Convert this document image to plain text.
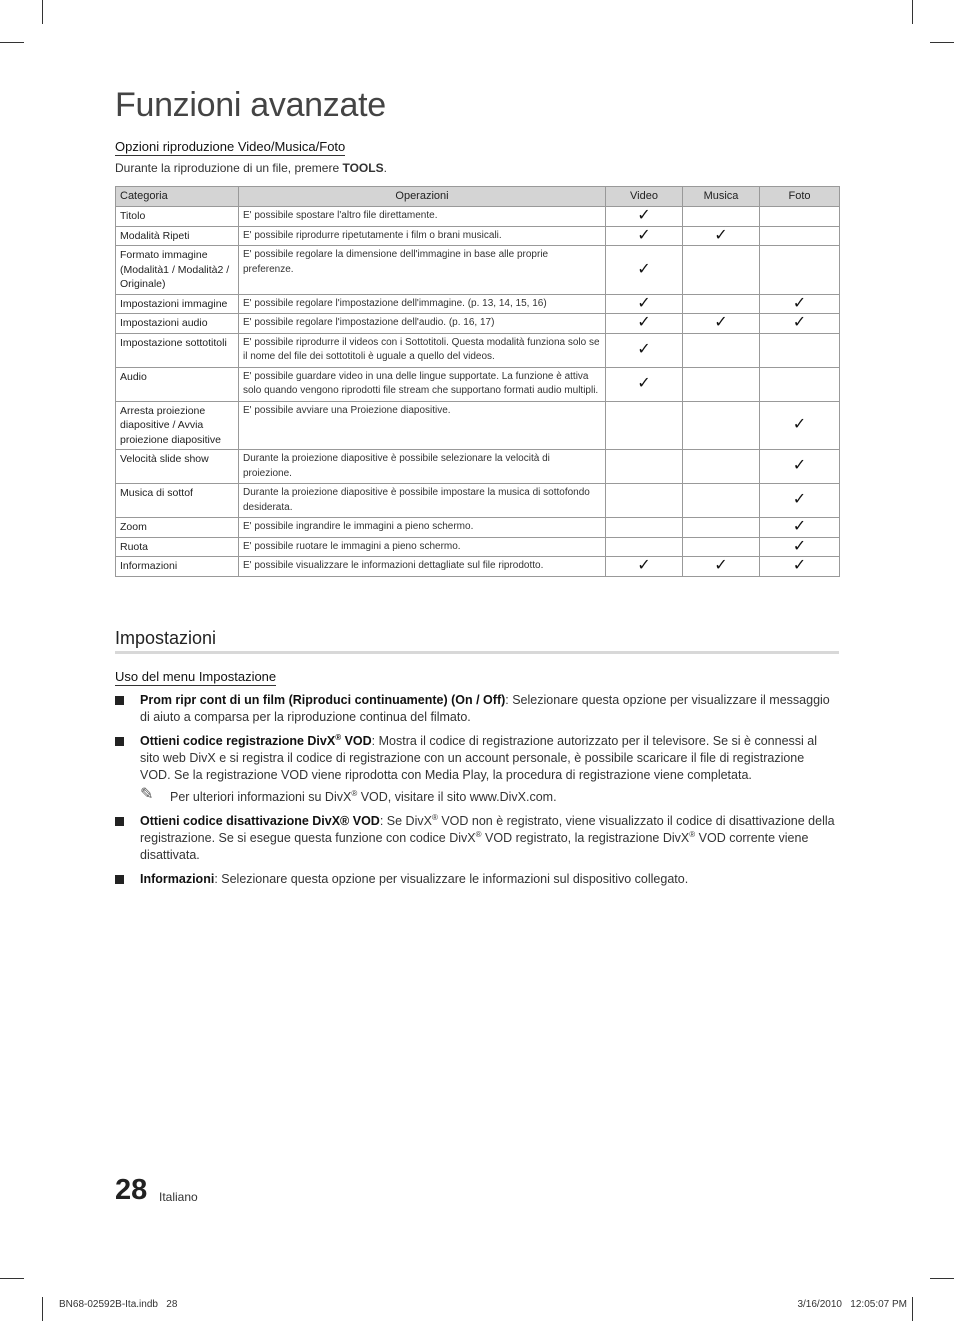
Funzioni avanzate
Opzioni riproduzione Video/Musica/Foto
Durante la riproduzione di un file, premere TOOLS.
Categoria	Operazioni	Video	Musica	Foto
Titolo	E' possibile spostare l'altro file direttamente.	✓		
Modalità Ripeti	E' possibile riprodurre ripetutamente i film o brani musicali.	✓	✓	
Formato immagine (Modalità1 / Modalità2 / Originale)	E' possibile regolare la dimensione dell'immagine in base alle proprie preferenze.	✓		
Impostazioni immagine	E' possibile regolare l'impostazione dell'immagine. (p. 13, 14, 15, 16)	✓		✓
Impostazioni audio	E' possibile regolare l'impostazione dell'audio. (p. 16, 17)	✓	✓	✓
Impostazione sottotitoli	E' possibile riprodurre il videos con i Sottotitoli. Questa modalità funziona solo se il nome del file dei sottotitoli è uguale a quello del videos.	✓		
Audio	E' possibile guardare video in una delle lingue supportate. La funzione è attiva solo quando vengono riprodotti file stream che supportano formati audio multipli.	✓		
Arresta proiezione diapositive / Avvia proiezione diapositive	E' possibile avviare una Proiezione diapositive.			✓
Velocità slide show	Durante la proiezione diapositive è possibile selezionare la velocità di proiezione.			✓
Musica di sottof	Durante la proiezione diapositive è possibile impostare la musica di sottofondo desiderata.			✓
Zoom	E' possibile ingrandire le immagini a pieno schermo.			✓
Ruota	E' possibile ruotare le immagini a pieno schermo.			✓
Informazioni	E' possibile visualizzare le informazioni dettagliate sul file riprodotto.	✓	✓	✓
Impostazioni
Uso del menu Impostazione
Prom ripr cont di un film (Riproduci continuamente) (On / Off): Selezionare questa opzione per visualizzare il messaggio di aiuto a comparsa per la riproduzione continua del filmato.
Ottieni codice registrazione DivX® VOD: Mostra il codice di registrazione autorizzato per il televisore. Se si è connessi al sito web DivX e si registra il codice di registrazione con un account personale, è possibile scaricare il file di registrazione VOD. Se la registrazione VOD viene riprodotta con Media Play, la procedura di registrazione viene completata.
✎ Per ulteriori informazioni su DivX® VOD, visitare il sito www.DivX.com.
Ottieni codice disattivazione DivX® VOD: Se DivX® VOD non è registrato, viene visualizzato il codice di disattivazione della registrazione. Se si esegue questa funzione con codice DivX® VOD registrato, la registrazione DivX® VOD corrente viene disattivata.
Informazioni: Selezionare questa opzione per visualizzare le informazioni sul dispositivo collegato.
28 Italiano
BN68-02592B-Ita.indb   28	3/16/2010   12:05:07 PM
